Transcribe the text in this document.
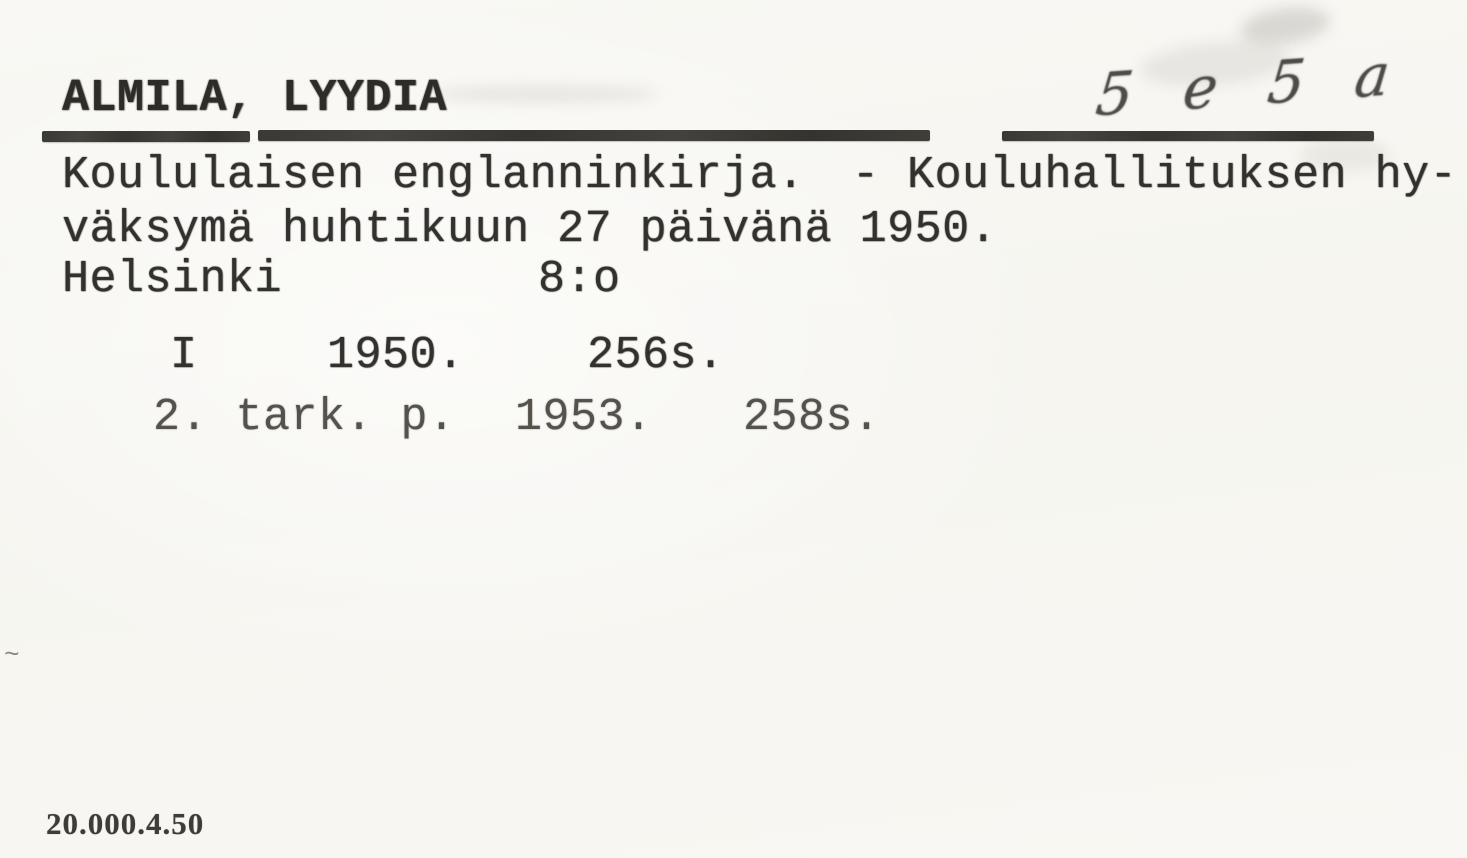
~
ALMILA, LYYDIA	5 e 5 a
Koululaisen englanninkirja. - Kouluhallituksen hy-
väksymä huhtikuun 27 päivänä 1950.
Helsinki	8:o
I	1950.	256s.
2. tark. p. 1953. 258s.
20.000.4.50
